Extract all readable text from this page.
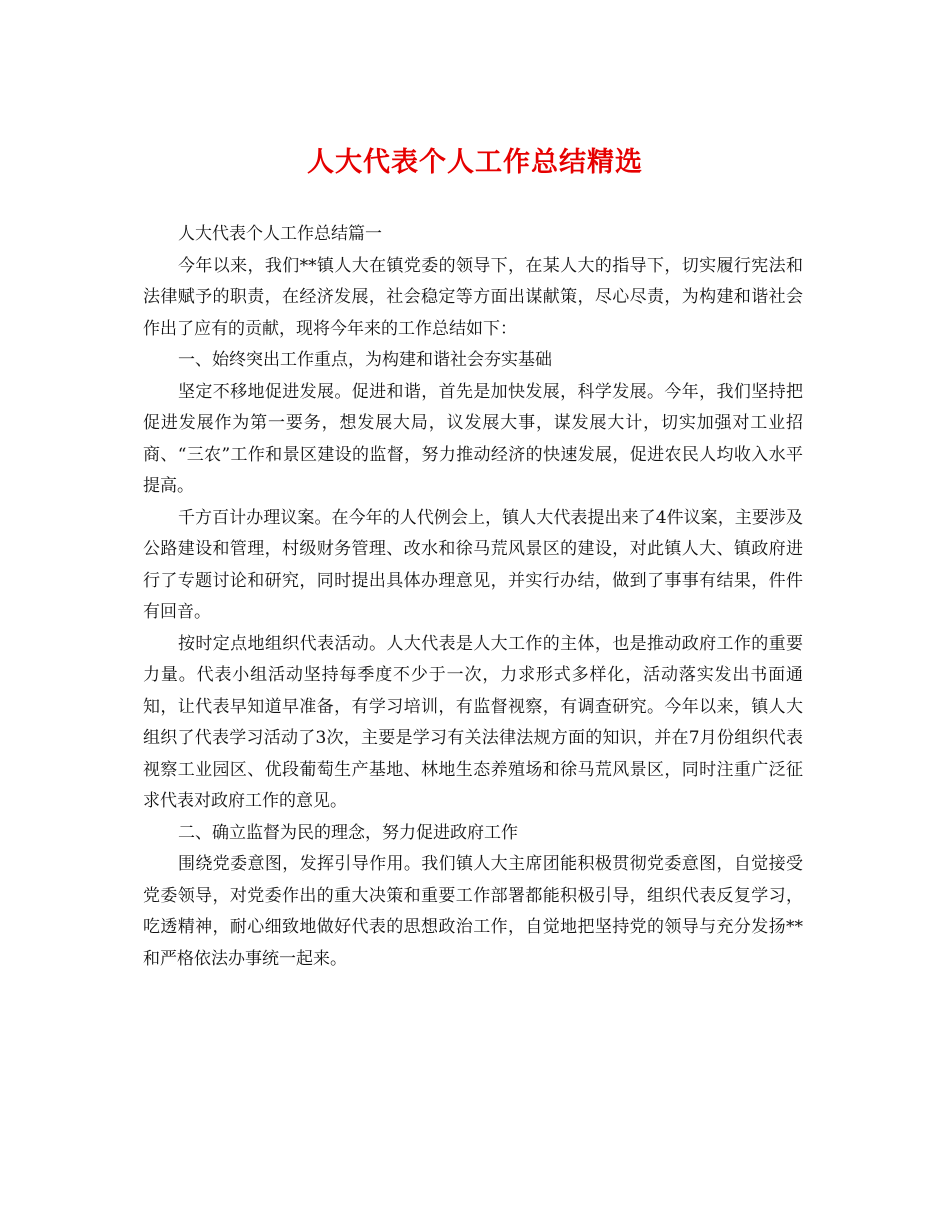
人大代表个人工作总结精选

人大代表个人工作总结篇一

今年以来，我们**镇人大在镇党委的领导下，在某人大的指导下，切实履行宪法和法律赋予的职责，在经济发展，社会稳定等方面出谋献策，尽心尽责，为构建和谐社会作出了应有的贡献，现将今年来的工作总结如下：

一、始终突出工作重点，为构建和谐社会夯实基础

坚定不移地促进发展。促进和谐，首先是加快发展，科学发展。今年，我们坚持把促进发展作为第一要务，想发展大局，议发展大事，谋发展大计，切实加强对工业招商、“三农”工作和景区建设的监督，努力推动经济的快速发展，促进农民人均收入水平提高。

千方百计办理议案。在今年的人代例会上，镇人大代表提出来了4件议案，主要涉及公路建设和管理，村级财务管理、改水和徐马荒风景区的建设，对此镇人大、镇政府进行了专题讨论和研究，同时提出具体办理意见，并实行办结，做到了事事有结果，件件有回音。

按时定点地组织代表活动。人大代表是人大工作的主体，也是推动政府工作的重要力量。代表小组活动坚持每季度不少于一次，力求形式多样化，活动落实发出书面通知，让代表早知道早准备，有学习培训，有监督视察，有调查研究。今年以来，镇人大组织了代表学习活动了3次，主要是学习有关法律法规方面的知识，并在7月份组织代表视察工业园区、优段葡萄生产基地、林地生态养殖场和徐马荒风景区，同时注重广泛征求代表对政府工作的意见。

二、确立监督为民的理念，努力促进政府工作

围绕党委意图，发挥引导作用。我们镇人大主席团能积极贯彻党委意图，自觉接受党委领导，对党委作出的重大决策和重要工作部署都能积极引导，组织代表反复学习，吃透精神，耐心细致地做好代表的思想政治工作，自觉地把坚持党的领导与充分发扬**和严格依法办事统一起来。
